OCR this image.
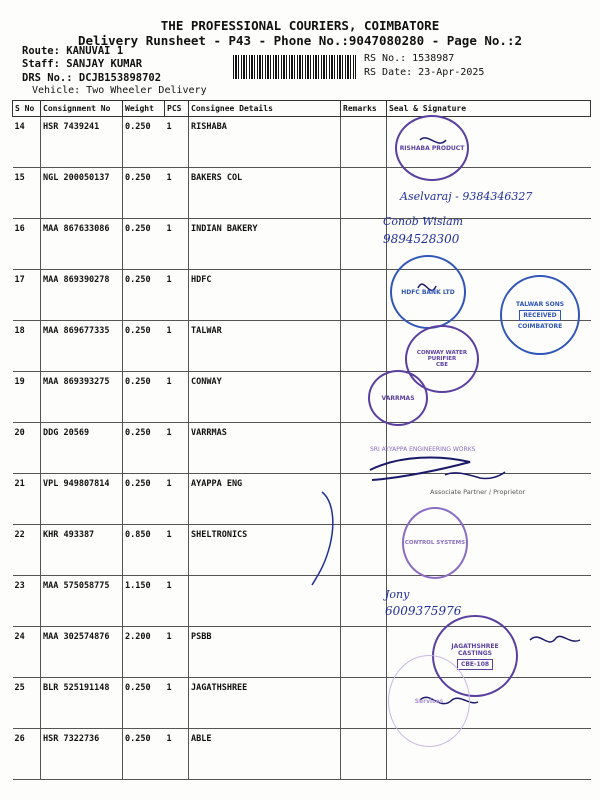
THE PROFESSIONAL COURIERS, COIMBATORE
Delivery Runsheet - P43 - Phone No.:9047080280 - Page No.:2
Route: KANUVAI 1
Staff: SANJAY KUMAR
DRS No.: DCJB153898702
Vehicle: Two Wheeler Delivery
RS No.: 1538987
RS Date: 23-Apr-2025
S No	Consignment No	Weight	PCS	Consignee Details	Remarks	Seal & Signature
14	HSR 7439241	0.250	1	RISHABA		
15	NGL 200050137	0.250	1	BAKERS COL		
16	MAA 867633086	0.250	1	INDIAN BAKERY		
17	MAA 869390278	0.250	1	HDFC		
18	MAA 869677335	0.250	1	TALWAR		
19	MAA 869393275	0.250	1	CONWAY		
20	DDG 20569	0.250	1	VARRMAS		
21	VPL 949807814	0.250	1	AYAPPA ENG		
22	KHR 493387	0.850	1	SHELTRONICS		
23	MAA 575058775	1.150	1			
24	MAA 302574876	2.200	1	PSBB		
25	BLR 525191148	0.250	1	JAGATHSHREE		
26	HSR 7322736	0.250	1	ABLE		
Aselvaraj - 9384346327
Conob Wislam
9894528300
Jony
6009375976
RISHABA PRODUCT
HDFC BANK LTD
TALWAR SONS
RECEIVED
COIMBATORE
CONWAY WATER PURIFIER
CBE
VARRMAS
SRI AYYAPPA ENGINEERING WORKS
Associate Partner / Proprietor
CONTROL SYSTEMS
JAGATHSHREE CASTINGS
CBE-108
Services
